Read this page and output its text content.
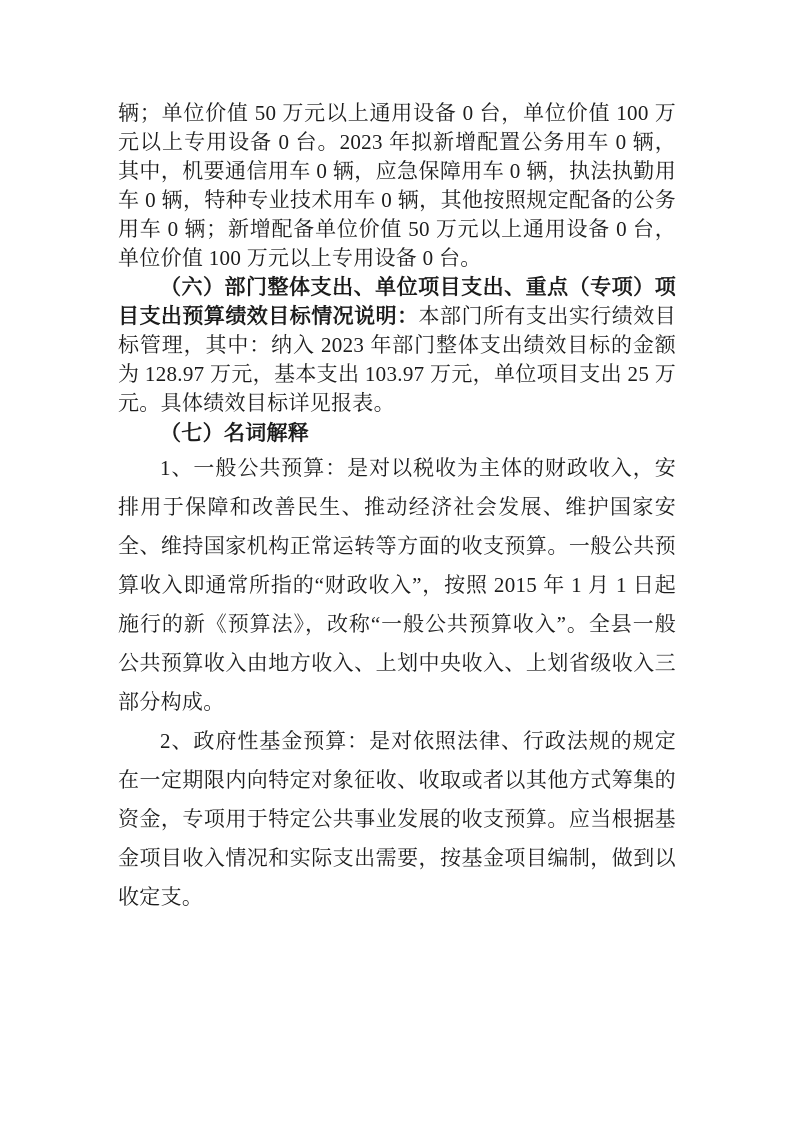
辆；单位价值 50 万元以上通用设备 0 台，单位价值 100 万元以上专用设备 0 台。2023 年拟新增配置公务用车 0 辆，其中，机要通信用车 0 辆，应急保障用车 0 辆，执法执勤用车 0 辆，特种专业技术用车 0 辆，其他按照规定配备的公务用车 0 辆；新增配备单位价值 50 万元以上通用设备 0 台，单位价值 100 万元以上专用设备 0 台。

（六）部门整体支出、单位项目支出、重点（专项）项目支出预算绩效目标情况说明：本部门所有支出实行绩效目标管理，其中：纳入 2023 年部门整体支出绩效目标的金额为 128.97 万元，基本支出 103.97 万元，单位项目支出 25 万元。具体绩效目标详见报表。

（七）名词解释

1、一般公共预算：是对以税收为主体的财政收入，安排用于保障和改善民生、推动经济社会发展、维护国家安全、维持国家机构正常运转等方面的收支预算。一般公共预算收入即通常所指的“财政收入”，按照 2015 年 1 月 1 日起施行的新《预算法》，改称“一般公共预算收入”。全县一般公共预算收入由地方收入、上划中央收入、上划省级收入三部分构成。

2、政府性基金预算：是对依照法律、行政法规的规定在一定期限内向特定对象征收、收取或者以其他方式筹集的资金，专项用于特定公共事业发展的收支预算。应当根据基金项目收入情况和实际支出需要，按基金项目编制，做到以收定支。
